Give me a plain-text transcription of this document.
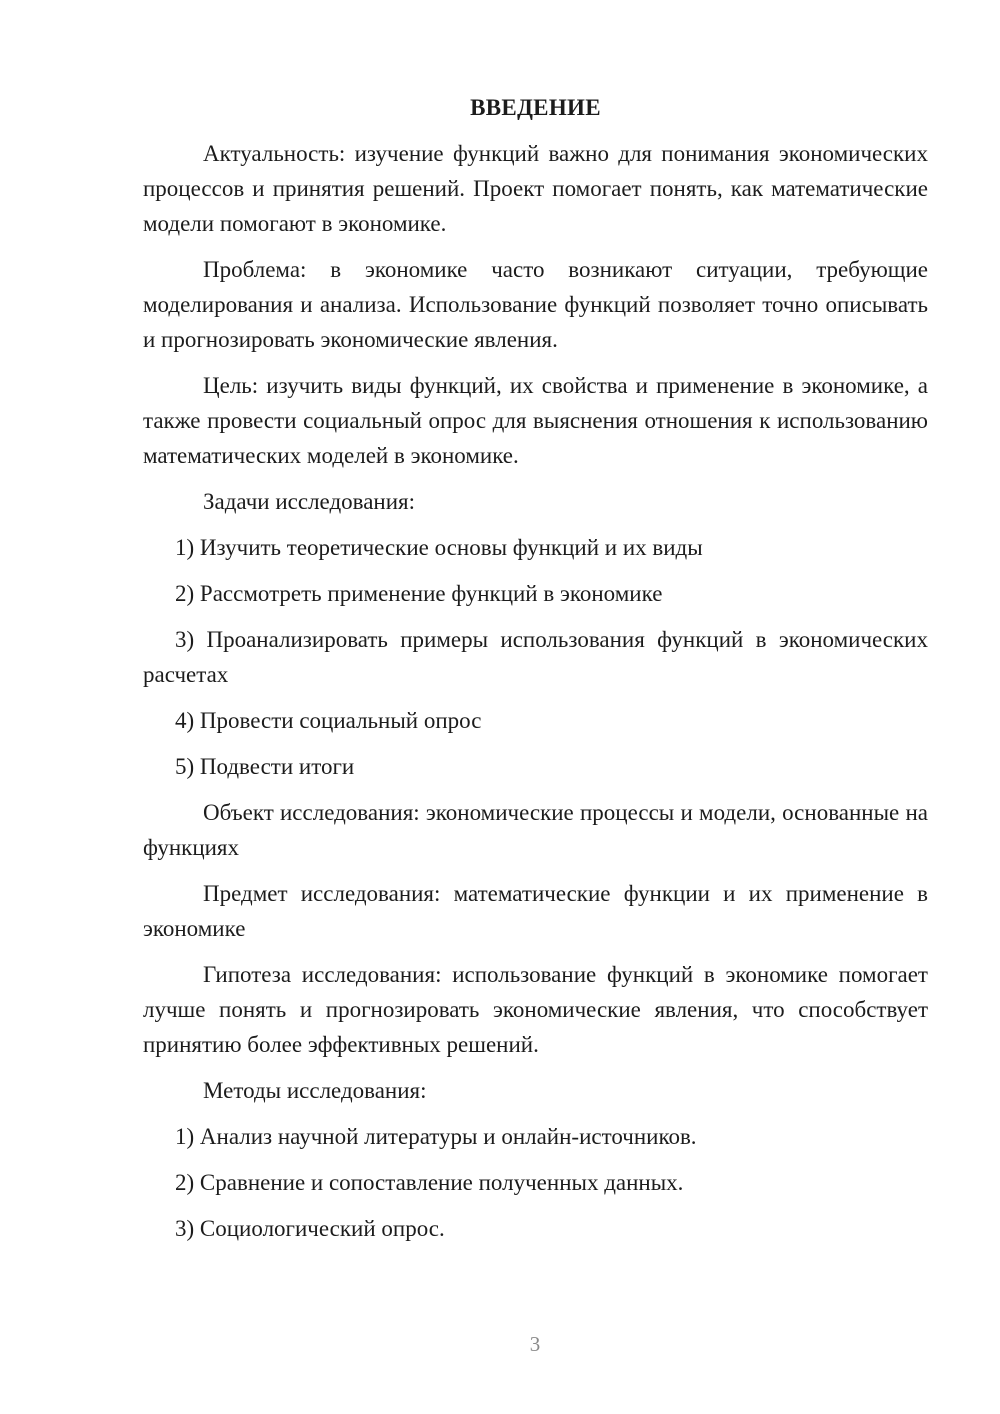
ВВЕДЕНИЕ

Актуальность: изучение функций важно для понимания экономических процессов и принятия решений. Проект помогает понять, как математические модели помогают в экономике.

Проблема: в экономике часто возникают ситуации, требующие моделирования и анализа. Использование функций позволяет точно описывать и прогнозировать экономические явления.

Цель: изучить виды функций, их свойства и применение в экономике, а также провести социальный опрос для выяснения отношения к использованию математических моделей в экономике.

Задачи исследования:

1) Изучить теоретические основы функций и их виды

2) Рассмотреть применение функций в экономике

3) Проанализировать примеры использования функций в экономических расчетах

4) Провести социальный опрос

5) Подвести итоги

Объект исследования: экономические процессы и модели, основанные на функциях

Предмет исследования: математические функции и их применение в экономике

Гипотеза исследования: использование функций в экономике помогает лучше понять и прогнозировать экономические явления, что способствует принятию более эффективных решений.

Методы исследования:

1) Анализ научной литературы и онлайн-источников.

2) Сравнение и сопоставление полученных данных.

3) Социологический опрос.

3
